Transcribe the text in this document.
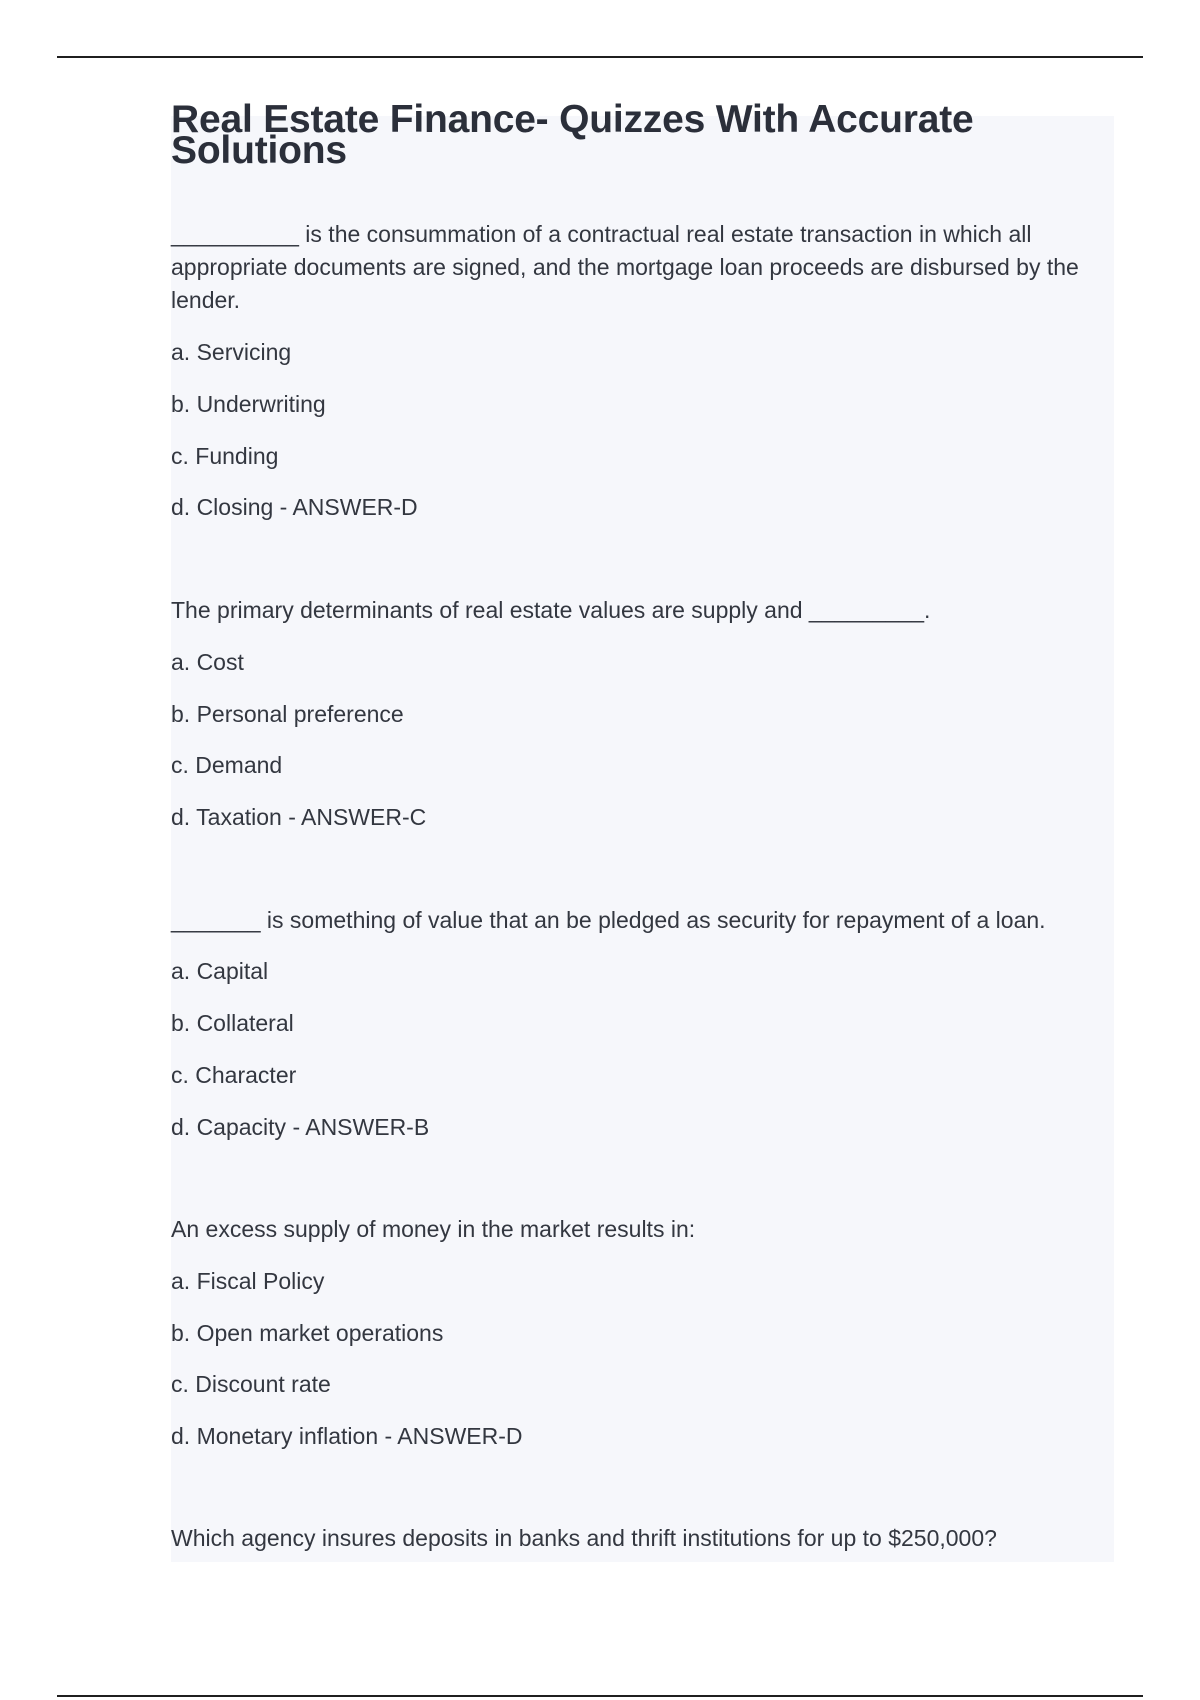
Real Estate Finance- Quizzes With Accurate Solutions

__________ is the consummation of a contractual real estate transaction in which all appropriate documents are signed, and the mortgage loan proceeds are disbursed by the lender.

a. Servicing

b. Underwriting

c. Funding

d. Closing - ANSWER-D

The primary determinants of real estate values are supply and _________.

a. Cost

b. Personal preference

c. Demand

d. Taxation - ANSWER-C

_______ is something of value that an be pledged as security for repayment of a loan.

a. Capital

b. Collateral

c. Character

d. Capacity - ANSWER-B

An excess supply of money in the market results in:

a. Fiscal Policy

b. Open market operations

c. Discount rate

d. Monetary inflation - ANSWER-D

Which agency insures deposits in banks and thrift institutions for up to $250,000?
